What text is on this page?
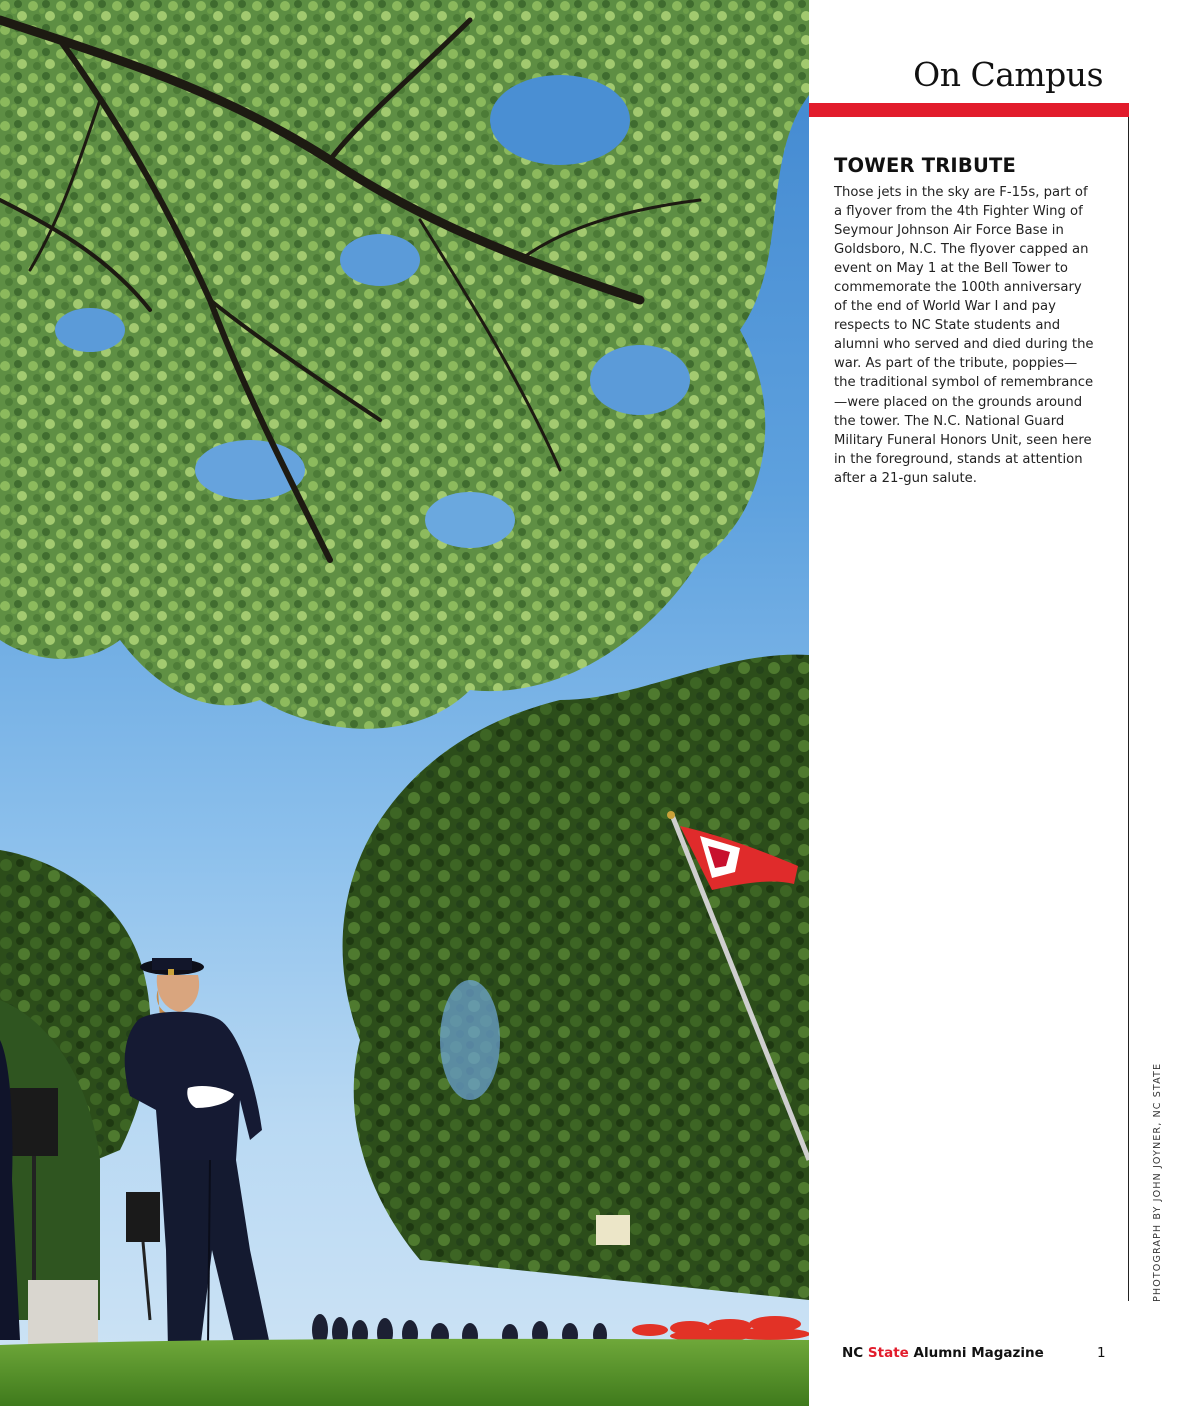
On Campus
TOWER TRIBUTE

Those jets in the sky are F-15s, part of a flyover from the 4th Fighter Wing of Seymour Johnson Air Force Base in Goldsboro, N.C. The flyover capped an event on May 1 at the Bell Tower to commemorate the 100th anniversary of the end of World War I and pay respects to NC State students and alumni who served and died during the war. As part of the tribute, poppies—the traditional symbol of remembrance—were placed on the grounds around the tower. The N.C. National Guard Military Funeral Honors Unit, seen here in the foreground, stands at attention after a 21-gun salute.

PHOTOGRAPH BY JOHN JOYNER, NC STATE
NC State Alumni Magazine	1
